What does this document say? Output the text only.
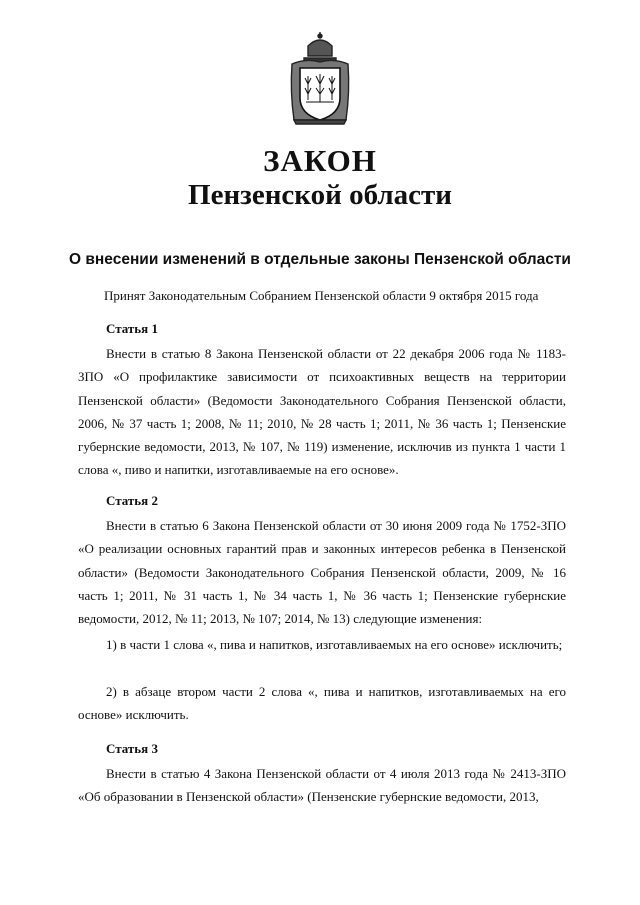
ЗАКОН
Пензенской области
О внесении изменений в отдельные законы Пензенской области

Принят Законодательным Собранием Пензенской области 9 октября 2015 года

Статья 1

Внести в статью 8 Закона Пензенской области от 22 декабря 2006 года № 1183-ЗПО «О профилактике зависимости от психоактивных веществ на территории Пензенской области» (Ведомости Законодательного Собрания Пензенской области, 2006, № 37 часть 1; 2008, № 11; 2010, № 28 часть 1; 2011, № 36 часть 1; Пензенские губернские ведомости, 2013, № 107, № 119) изменение, исключив из пункта 1 части 1 слова «, пиво и напитки, изготавливаемые на его основе».

Статья 2

Внести в статью 6 Закона Пензенской области от 30 июня 2009 года № 1752-ЗПО «О реализации основных гарантий прав и законных интересов ребенка в Пензенской области» (Ведомости Законодательного Собрания Пензенской области, 2009, № 16 часть 1; 2011, № 31 часть 1, № 34 часть 1, № 36 часть 1; Пензенские губернские ведомости, 2012, № 11; 2013, № 107; 2014, № 13) следующие изменения:

1) в части 1 слова «, пива и напитков, изготавливаемых на его основе» исключить;

2) в абзаце втором части 2 слова «, пива и напитков, изготавливаемых на его основе» исключить.

Статья 3

Внести в статью 4 Закона Пензенской области от 4 июля 2013 года № 2413-ЗПО «Об образовании в Пензенской области» (Пензенские губернские ведомости, 2013,
